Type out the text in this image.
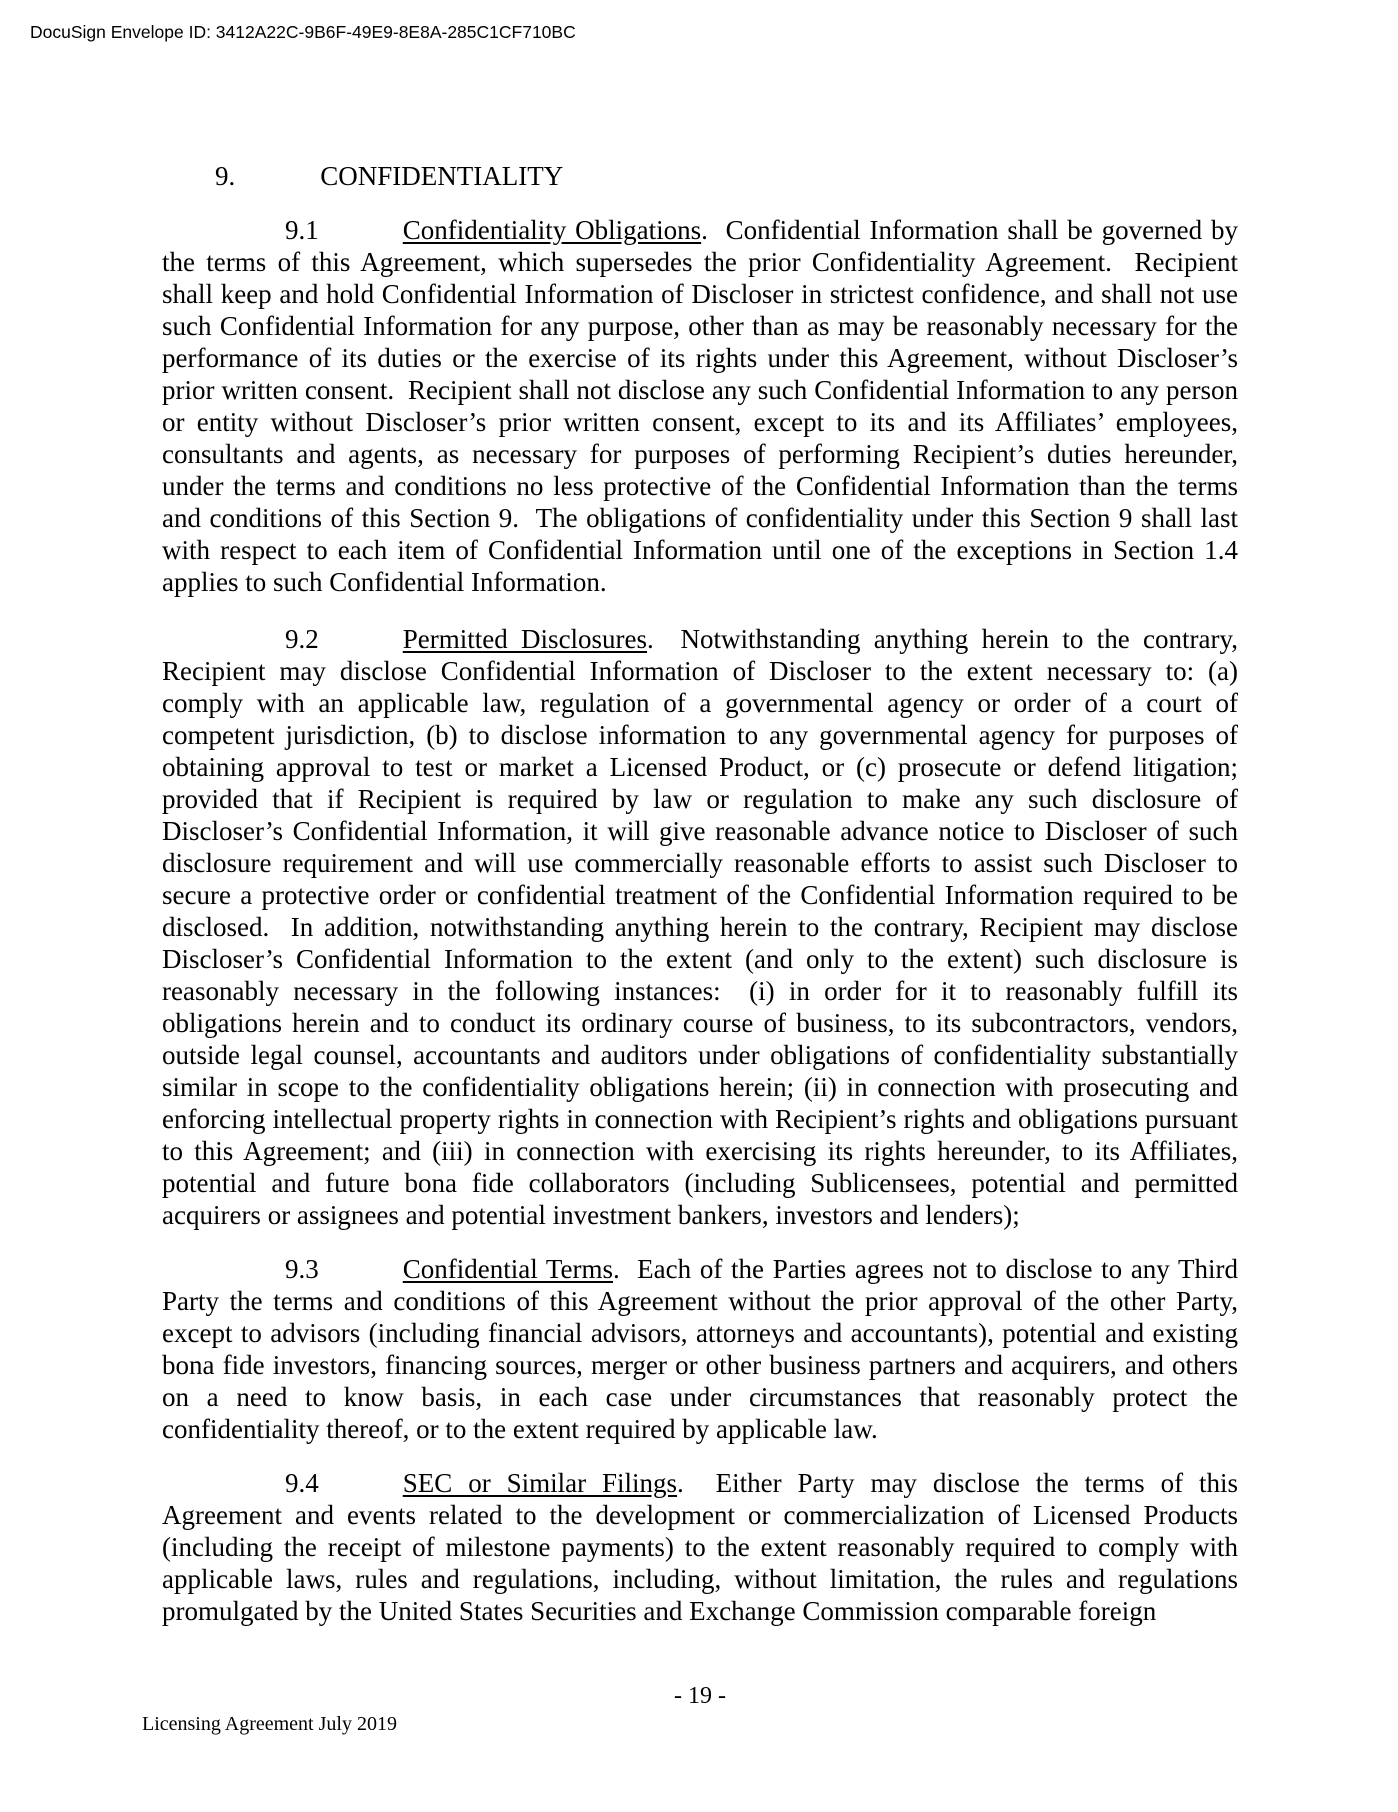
DocuSign Envelope ID: 3412A22C-9B6F-49E9-8E8A-285C1CF710BC
9.	CONFIDENTIALITY

9.1	Confidentiality Obligations.  Confidential Information shall be governed by the terms of this Agreement, which supersedes the prior Confidentiality Agreement.  Recipient shall keep and hold Confidential Information of Discloser in strictest confidence, and shall not use such Confidential Information for any purpose, other than as may be reasonably necessary for the performance of its duties or the exercise of its rights under this Agreement, without Discloser’s prior written consent.  Recipient shall not disclose any such Confidential Information to any person or entity without Discloser’s prior written consent, except to its and its Affiliates’ employees, consultants and agents, as necessary for purposes of performing Recipient’s duties hereunder, under the terms and conditions no less protective of the Confidential Information than the terms and conditions of this Section 9.  The obligations of confidentiality under this Section 9 shall last with respect to each item of Confidential Information until one of the exceptions in Section 1.4 applies to such Confidential Information.

9.2	Permitted Disclosures.  Notwithstanding anything herein to the contrary, Recipient may disclose Confidential Information of Discloser to the extent necessary to: (a) comply with an applicable law, regulation of a governmental agency or order of a court of competent jurisdiction, (b) to disclose information to any governmental agency for purposes of obtaining approval to test or market a Licensed Product, or (c) prosecute or defend litigation; provided that if Recipient is required by law or regulation to make any such disclosure of Discloser’s Confidential Information, it will give reasonable advance notice to Discloser of such disclosure requirement and will use commercially reasonable efforts to assist such Discloser to secure a protective order or confidential treatment of the Confidential Information required to be disclosed.  In addition, notwithstanding anything herein to the contrary, Recipient may disclose Discloser’s Confidential Information to the extent (and only to the extent) such disclosure is reasonably necessary in the following instances:  (i) in order for it to reasonably fulfill its obligations herein and to conduct its ordinary course of business, to its subcontractors, vendors, outside legal counsel, accountants and auditors under obligations of confidentiality substantially similar in scope to the confidentiality obligations herein; (ii) in connection with prosecuting and enforcing intellectual property rights in connection with Recipient’s rights and obligations pursuant to this Agreement; and (iii) in connection with exercising its rights hereunder, to its Affiliates, potential and future bona fide collaborators (including Sublicensees, potential and permitted acquirers or assignees and potential investment bankers, investors and lenders);

9.3	Confidential Terms.  Each of the Parties agrees not to disclose to any Third Party the terms and conditions of this Agreement without the prior approval of the other Party, except to advisors (including financial advisors, attorneys and accountants), potential and existing bona fide investors, financing sources, merger or other business partners and acquirers, and others on a need to know basis, in each case under circumstances that reasonably protect the confidentiality thereof, or to the extent required by applicable law.

9.4	SEC or Similar Filings.  Either Party may disclose the terms of this Agreement and events related to the development or commercialization of Licensed Products (including the receipt of milestone payments) to the extent reasonably required to comply with applicable laws, rules and regulations, including, without limitation, the rules and regulations promulgated by the United States Securities and Exchange Commission comparable foreign

- 19 -
Licensing Agreement July 2019
